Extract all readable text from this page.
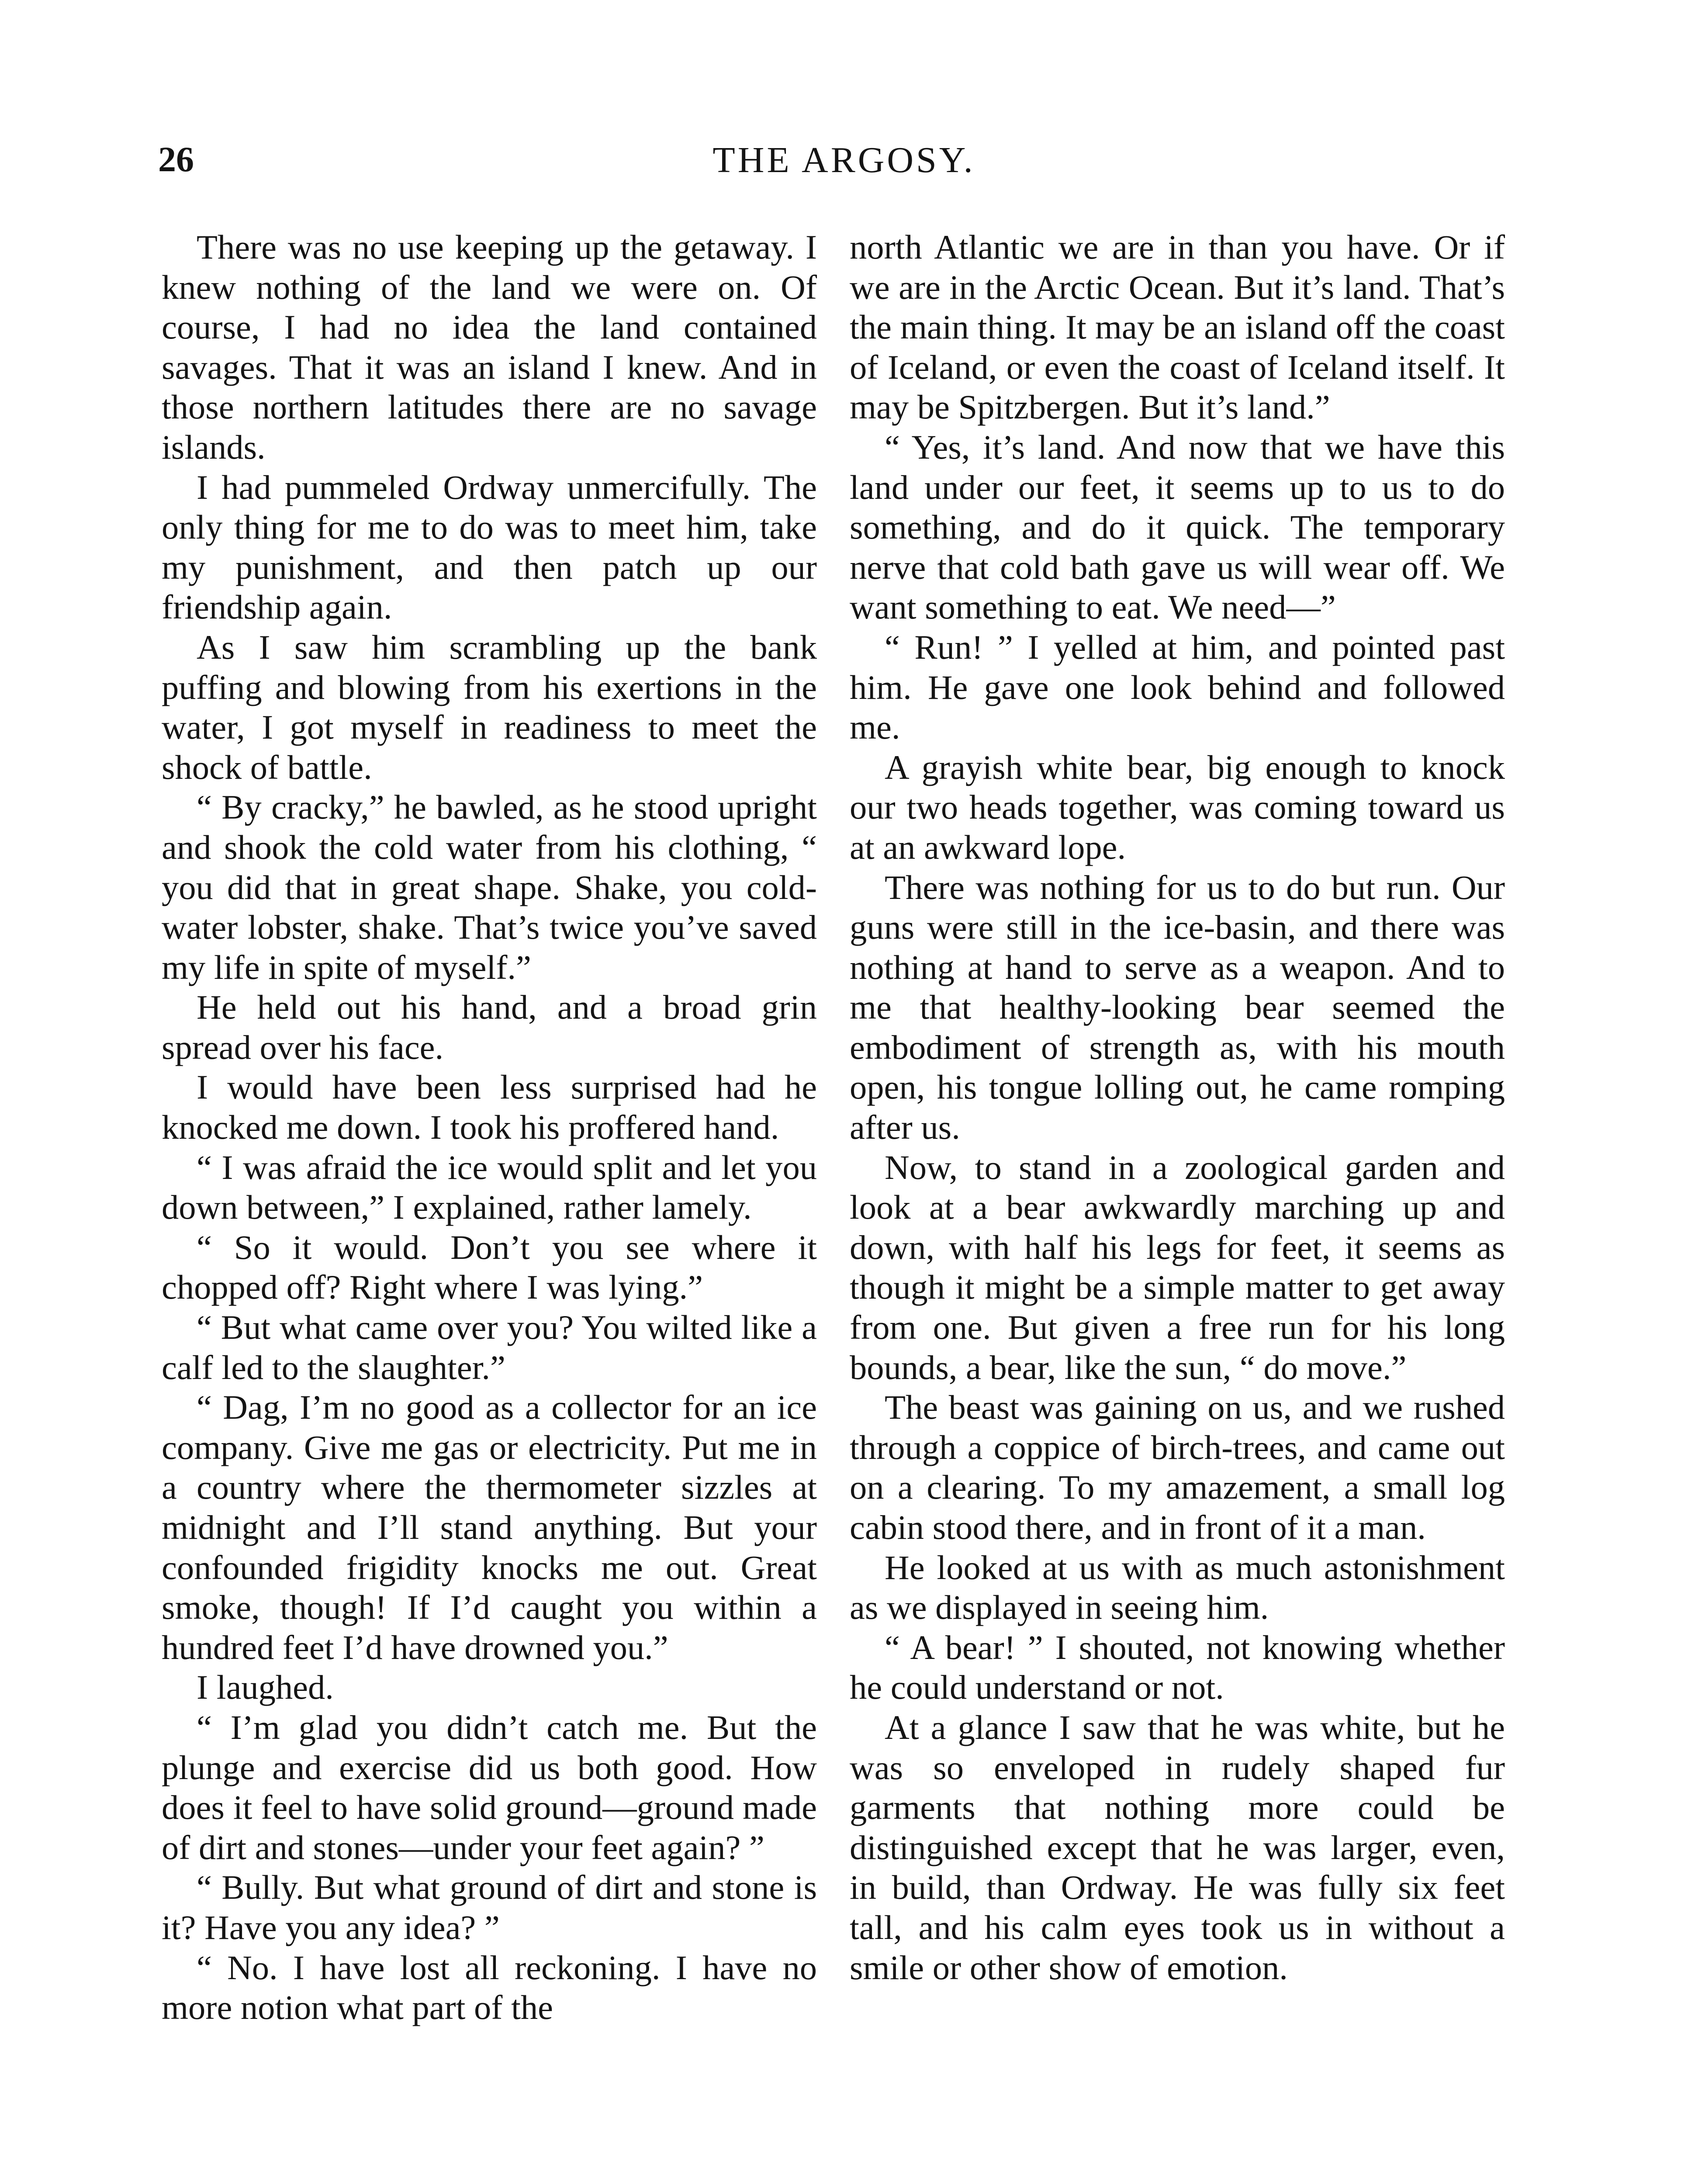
26	THE ARGOSY.

There was no use keeping up the getaway. I knew nothing of the land we were on. Of course, I had no idea the land contained savages. That it was an island I knew. And in those northern latitudes there are no savage islands.

I had pummeled Ordway unmercifully. The only thing for me to do was to meet him, take my punishment, and then patch up our friendship again.

As I saw him scrambling up the bank puffing and blowing from his exertions in the water, I got myself in readiness to meet the shock of battle.

“ By cracky,” he bawled, as he stood upright and shook the cold water from his clothing, “ you did that in great shape. Shake, you cold-water lobster, shake. That’s twice you’ve saved my life in spite of myself.”

He held out his hand, and a broad grin spread over his face.

I would have been less surprised had he knocked me down. I took his proffered hand.

“ I was afraid the ice would split and let you down between,” I explained, rather lamely.

“ So it would. Don’t you see where it chopped off? Right where I was lying.”

“ But what came over you? You wilted like a calf led to the slaughter.”

“ Dag, I’m no good as a collector for an ice company. Give me gas or electricity. Put me in a country where the thermometer sizzles at midnight and I’ll stand anything. But your confounded frigidity knocks me out. Great smoke, though! If I’d caught you within a hundred feet I’d have drowned you.”

I laughed.

“ I’m glad you didn’t catch me. But the plunge and exercise did us both good. How does it feel to have solid ground—ground made of dirt and stones—under your feet again? ”

“ Bully. But what ground of dirt and stone is it? Have you any idea? ”

“ No. I have lost all reckoning. I have no more notion what part of the

north Atlantic we are in than you have. Or if we are in the Arctic Ocean. But it’s land. That’s the main thing. It may be an island off the coast of Iceland, or even the coast of Iceland itself. It may be Spitzbergen. But it’s land.”

“ Yes, it’s land. And now that we have this land under our feet, it seems up to us to do something, and do it quick. The temporary nerve that cold bath gave us will wear off. We want something to eat. We need—”

“ Run! ” I yelled at him, and pointed past him. He gave one look behind and followed me.

A grayish white bear, big enough to knock our two heads together, was coming toward us at an awkward lope.

There was nothing for us to do but run. Our guns were still in the ice-basin, and there was nothing at hand to serve as a weapon. And to me that healthy-looking bear seemed the embodiment of strength as, with his mouth open, his tongue lolling out, he came romping after us.

Now, to stand in a zoological garden and look at a bear awkwardly marching up and down, with half his legs for feet, it seems as though it might be a simple matter to get away from one. But given a free run for his long bounds, a bear, like the sun, “ do move.”

The beast was gaining on us, and we rushed through a coppice of birch-trees, and came out on a clearing. To my amazement, a small log cabin stood there, and in front of it a man.

He looked at us with as much astonishment as we displayed in seeing him.

“ A bear! ” I shouted, not knowing whether he could understand or not.

At a glance I saw that he was white, but he was so enveloped in rudely shaped fur garments that nothing more could be distinguished except that he was larger, even, in build, than Ordway. He was fully six feet tall, and his calm eyes took us in without a smile or other show of emotion.
